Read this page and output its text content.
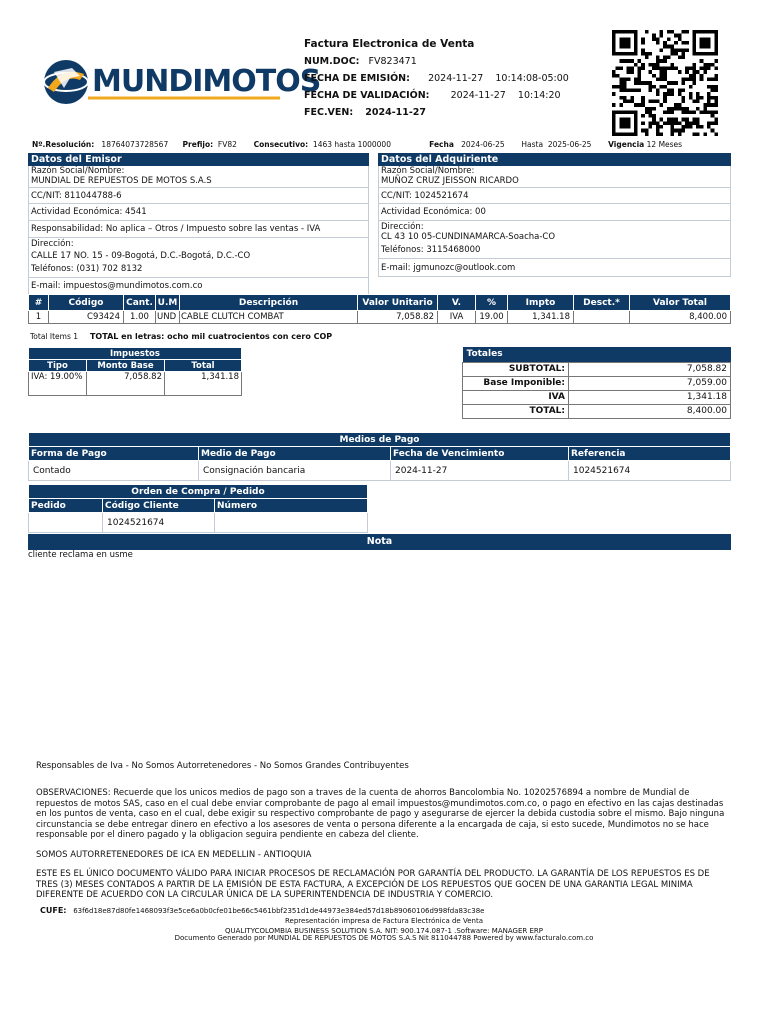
MUNDIMOTOS
Factura Electronica de Venta
NUM.DOC: FV823471
FECHA DE EMISIÓN: 2024-11-27 10:14:08-05:00
FECHA DE VALIDACIÓN: 2024-11-27 10:14:20
FEC.VEN: 2024-11-27
Nº.Resolución: 18764073728567 Prefijo: FV82 Consecutivo: 1463 hasta 1000000	Fecha 2024-06-25 Hasta 2025-06-25 Vigencia 12 Meses
Datos del Emisor
Razón Social/Nombre:
MUNDIAL DE REPUESTOS DE MOTOS S.A.S
CC/NIT: 811044788-6
Actividad Económica: 4541
Responsabilidad: No aplica – Otros / Impuesto sobre las ventas - IVA
Dirección:
CALLE 17 NO. 15 - 09-Bogotá, D.C.-Bogotá, D.C.-CO
Teléfonos: (031) 702 8132
E-mail: impuestos@mundimotos.com.co
Datos del Adquiriente
Razón Social/Nombre:
MUÑOZ CRUZ JEISSON RICARDO
CC/NIT: 1024521674
Actividad Económica: 00
Dirección:
CL 43 10 05-CUNDINAMARCA-Soacha-CO
Teléfonos: 3115468000
E-mail: jgmunozc@outlook.com
#	Código	Cant.	U.M	Descripción	Valor Unitario	V.	%	Impto	Desct.*	Valor Total
1	C93424	1.00	UND	CABLE CLUTCH COMBAT	7,058.82	IVA	19.00	1,341.18		8,400.00
Total Items 1 TOTAL en letras: ocho mil cuatrocientos con cero COP
Impuestos		
Tipo	Monto Base	Total
IVA: 19.00%	7,058.82	1,341.18
Totales	
SUBTOTAL:	7,058.82
Base Imponible:	7,059.00
IVA	1,341.18
TOTAL:	8,400.00
Medios de Pago			
Forma de Pago	Medio de Pago	Fecha de Vencimiento	Referencia
Contado	Consignación bancaria	2024-11-27	1024521674
Orden de Compra / Pedido		
Pedido	Código Cliente	Número
	1024521674	
Nota
cliente reclama en usme
Responsables de Iva - No Somos Autorretenedores - No Somos Grandes Contribuyentes
OBSERVACIONES: Recuerde que los unicos medios de pago son a traves de la cuenta de ahorros Bancolombia No. 10202576894 a nombre de Mundial de repuestos de motos SAS, caso en el cual debe enviar comprobante de pago al email impuestos@mundimotos.com.co, o pago en efectivo en las cajas destinadas en los puntos de venta, caso en el cual, debe exigir su respectivo comprobante de pago y asegurarse de ejercer la debida custodia sobre el mismo. Bajo ninguna circunstancia se debe entregar dinero en efectivo a los asesores de venta o persona diferente a la encargada de caja, si esto sucede, Mundimotos no se hace responsable por el dinero pagado y la obligacion seguira pendiente en cabeza del cliente.
SOMOS AUTORRETENEDORES DE ICA EN MEDELLIN - ANTIOQUIA
ESTE ES EL ÚNICO DOCUMENTO VÁLIDO PARA INICIAR PROCESOS DE RECLAMACIÓN POR GARANTÍA DEL PRODUCTO. LA GARANTÍA DE LOS REPUESTOS ES DE TRES (3) MESES CONTADOS A PARTIR DE LA EMISIÓN DE ESTA FACTURA, A EXCEPCIÓN DE LOS REPUESTOS QUE GOCEN DE UNA GARANTIA LEGAL MINIMA DIFERENTE DE ACUERDO CON LA CIRCULAR ÚNICA DE LA SUPERINTENDENCIA DE INDUSTRIA Y COMERCIO.
CUFE: 63f6d18e87d80fe1468093f3e5ce6a0b0cfe01be66c5461bbf2351d1de44973e384ed57d18b89060106d998fda83c38e
Representación impresa de Factura Electrónica de Venta
QUALITYCOLOMBIA BUSINESS SOLUTION S.A. NIT: 900.174.087-1 .Software: MANAGER ERP
Documento Generado por MUNDIAL DE REPUESTOS DE MOTOS S.A.S Nit 811044788 Powered by www.facturalo.com.co
